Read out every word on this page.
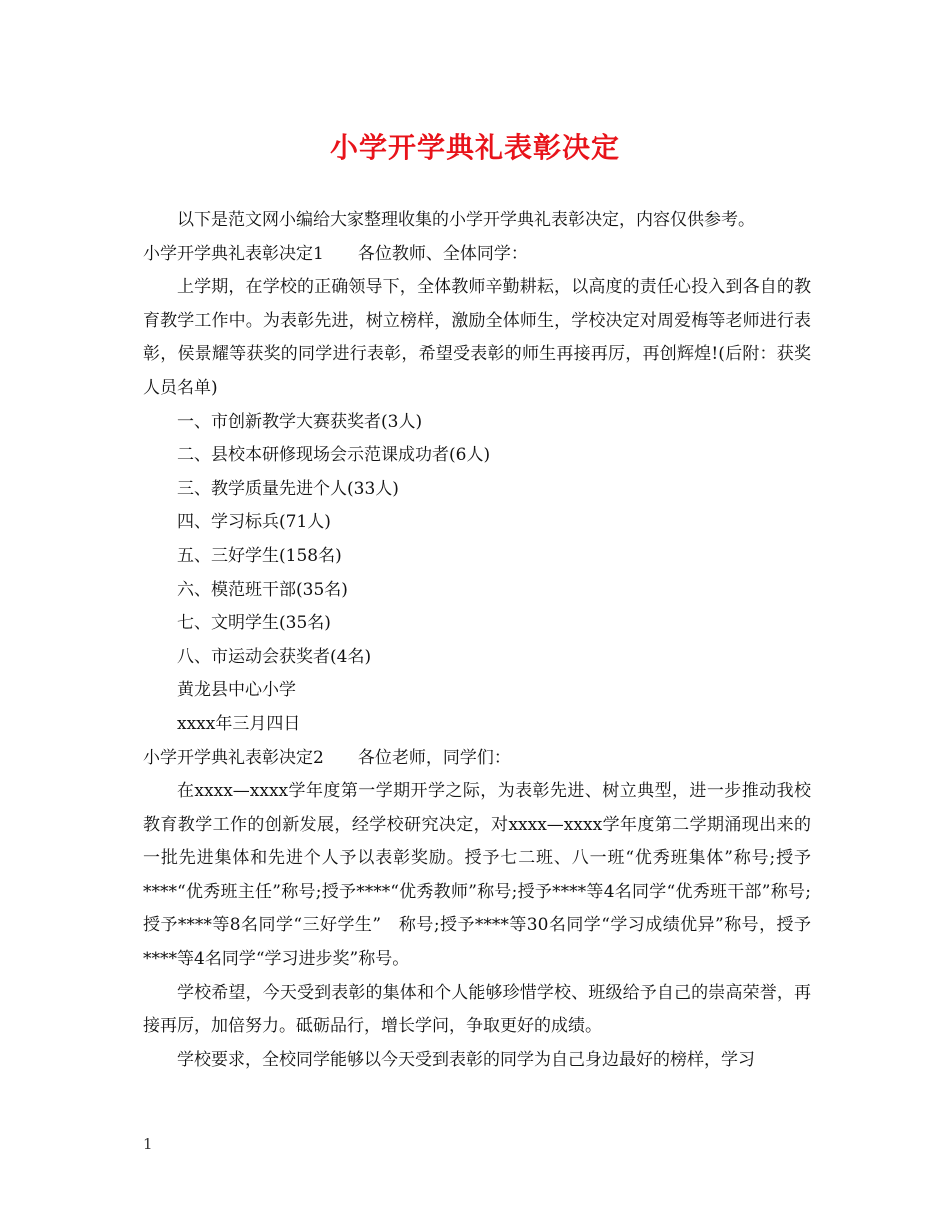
小学开学典礼表彰决定

以下是范文网小编给大家整理收集的小学开学典礼表彰决定，内容仅供参考。

小学开学典礼表彰决定1 各位教师、全体同学：

上学期，在学校的正确领导下，全体教师辛勤耕耘，以高度的责任心投入到各自的教育教学工作中。为表彰先进，树立榜样，激励全体师生，学校决定对周爱梅等老师进行表彰，侯景耀等获奖的同学进行表彰，希望受表彰的师生再接再厉，再创辉煌!(后附：获奖人员名单)

一、市创新教学大赛获奖者(3人)

二、县校本研修现场会示范课成功者(6人)

三、教学质量先进个人(33人)

四、学习标兵(71人)

五、三好学生(158名)

六、模范班干部(35名)

七、文明学生(35名)

八、市运动会获奖者(4名)

黄龙县中心小学

xxxx年三月四日

小学开学典礼表彰决定2 各位老师，同学们：

在xxxx—xxxx学年度第一学期开学之际，为表彰先进、树立典型，进一步推动我校教育教学工作的创新发展，经学校研究决定，对xxxx—xxxx学年度第二学期涌现出来的一批先进集体和先进个人予以表彰奖励。授予七二班、八一班“优秀班集体”称号;授予****“优秀班主任”称号;授予****“优秀教师”称号;授予****等4名同学“优秀班干部”称号;授予****等8名同学“三好学生”　称号;授予****等30名同学“学习成绩优异”称号，授予****等4名同学“学习进步奖”称号。

学校希望，今天受到表彰的集体和个人能够珍惜学校、班级给予自己的崇高荣誉，再接再厉，加倍努力。砥砺品行，增长学问，争取更好的成绩。

学校要求，全校同学能够以今天受到表彰的同学为自己身边最好的榜样，学习

1
